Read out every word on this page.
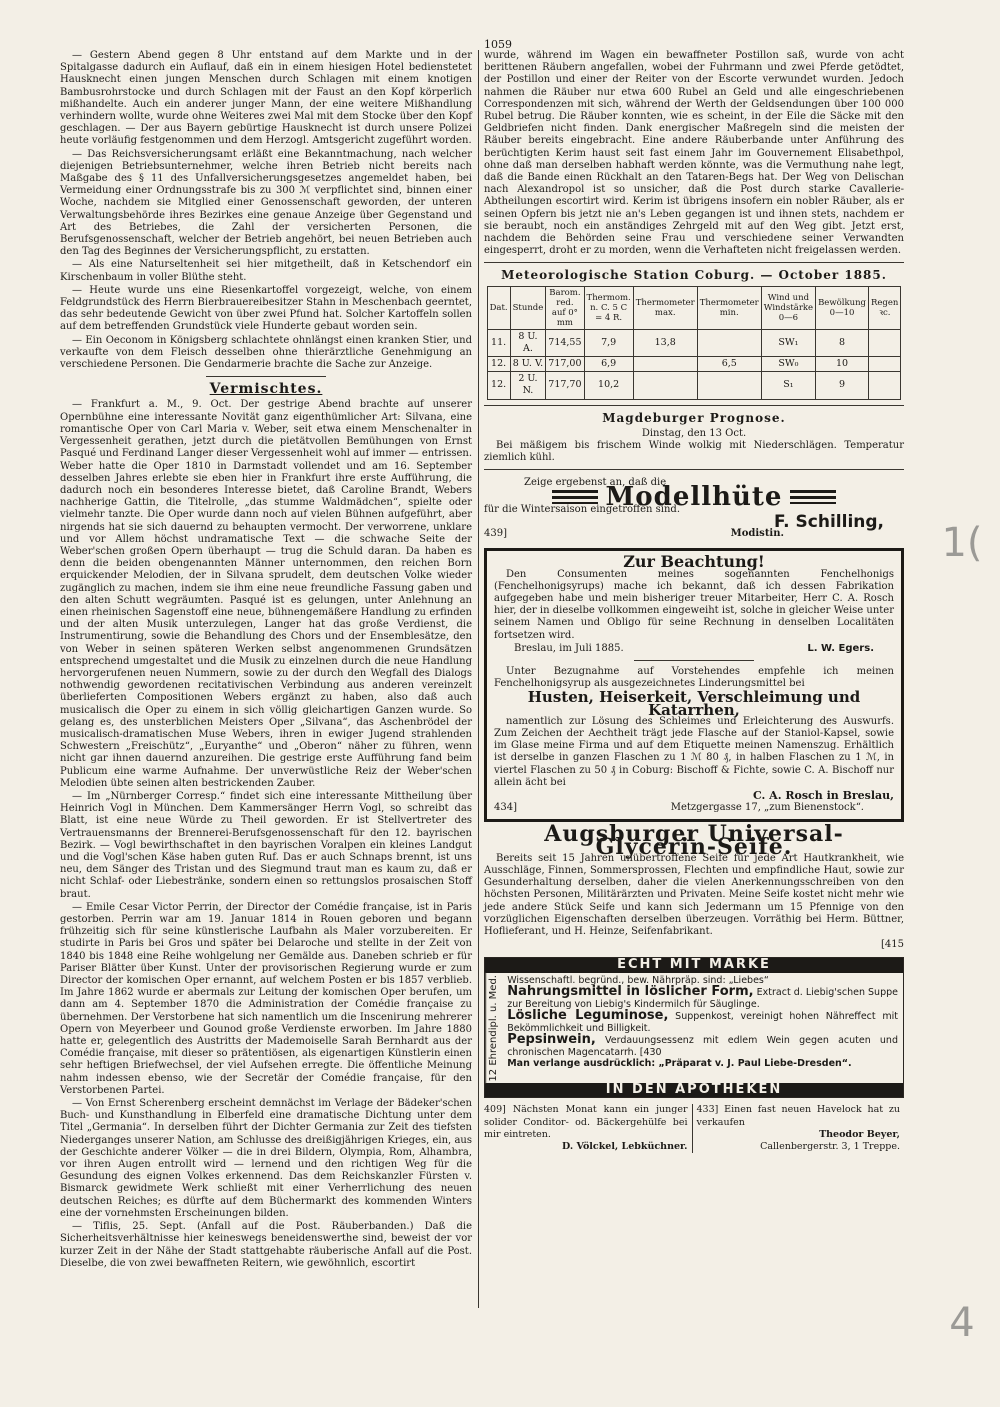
1059

— Gestern Abend gegen 8 Uhr entstand auf dem Markte und in der Spitalgasse dadurch ein Auflauf, daß ein in einem hiesigen Hotel bedienstetet Hausknecht einen jungen Menschen durch Schlagen mit einem knotigen Bambusrohrstocke und durch Schlagen mit der Faust an den Kopf körperlich mißhandelte. Auch ein anderer junger Mann, der eine weitere Mißhandlung verhindern wollte, wurde ohne Weiteres zwei Mal mit dem Stocke über den Kopf geschlagen. — Der aus Bayern gebürtige Hausknecht ist durch unsere Polizei heute vorläufig festgenommen und dem Herzogl. Amtsgericht zugeführt worden.

— Das Reichsversicherungsamt erläßt eine Bekanntmachung, nach welcher diejenigen Betriebsunternehmer, welche ihren Betrieb nicht bereits nach Maßgabe des § 11 des Unfallversicherungsgesetzes angemeldet haben, bei Vermeidung einer Ordnungsstrafe bis zu 300 ℳ verpflichtet sind, binnen einer Woche, nachdem sie Mitglied einer Genossenschaft geworden, der unteren Verwaltungsbehörde ihres Bezirkes eine genaue Anzeige über Gegenstand und Art des Betriebes, die Zahl der versicherten Personen, die Berufsgenossenschaft, welcher der Betrieb angehört, bei neuen Betrieben auch den Tag des Beginnes der Versicherungspflicht, zu erstatten.

— Als eine Naturseltenheit sei hier mitgetheilt, daß in Ketschendorf ein Kirschenbaum in voller Blüthe steht.

— Heute wurde uns eine Riesenkartoffel vorgezeigt, welche, von einem Feldgrundstück des Herrn Bierbrauereibesitzer Stahn in Meschenbach geerntet, das sehr bedeutende Gewicht von über zwei Pfund hat. Solcher Kartoffeln sollen auf dem betreffenden Grundstück viele Hunderte gebaut worden sein.

— Ein Oeconom in Königsberg schlachtete ohnlängst einen kranken Stier, und verkaufte von dem Fleisch desselben ohne thierärztliche Genehmigung an verschiedene Personen. Die Gendarmerie brachte die Sache zur Anzeige.

Vermischtes.

— Frankfurt a. M., 9. Oct. Der gestrige Abend brachte auf unserer Opernbühne eine interessante Novität ganz eigenthümlicher Art: Silvana, eine romantische Oper von Carl Maria v. Weber, seit etwa einem Menschenalter in Vergessenheit gerathen, jetzt durch die pietätvollen Bemühungen von Ernst Pasqué und Ferdinand Langer dieser Vergessenheit wohl auf immer — entrissen. Weber hatte die Oper 1810 in Darmstadt vollendet und am 16. September desselben Jahres erlebte sie eben hier in Frankfurt ihre erste Aufführung, die dadurch noch ein besonderes Interesse bietet, daß Caroline Brandt, Webers nachherige Gattin, die Titelrolle, „das stumme Waldmädchen“, spielte oder vielmehr tanzte. Die Oper wurde dann noch auf vielen Bühnen aufgeführt, aber nirgends hat sie sich dauernd zu behaupten vermocht. Der verworrene, unklare und vor Allem höchst undramatische Text — die schwache Seite der Weber'schen großen Opern überhaupt — trug die Schuld daran. Da haben es denn die beiden obengenannten Männer unternommen, den reichen Born erquickender Melodien, der in Silvana sprudelt, dem deutschen Volke wieder zugänglich zu machen, indem sie ihm eine neue freundliche Fassung gaben und den alten Schutt wegräumten. Pasqué ist es gelungen, unter Anlehnung an einen rheinischen Sagenstoff eine neue, bühnengemäßere Handlung zu erfinden und der alten Musik unterzulegen, Langer hat das große Verdienst, die Instrumentirung, sowie die Behandlung des Chors und der Ensemblesätze, den von Weber in seinen späteren Werken selbst angenommenen Grundsätzen entsprechend umgestaltet und die Musik zu einzelnen durch die neue Handlung hervorgerufenen neuen Nummern, sowie zu der durch den Wegfall des Dialogs nothwendig gewordenen recitativischen Verbindung aus anderen vereinzelt überlieferten Compositionen Webers ergänzt zu haben, also daß auch musicalisch die Oper zu einem in sich völlig gleichartigen Ganzen wurde. So gelang es, des unsterblichen Meisters Oper „Silvana“, das Aschenbrödel der musicalisch-dramatischen Muse Webers, ihren in ewiger Jugend strahlenden Schwestern „Freischütz“, „Euryanthe“ und „Oberon“ näher zu führen, wenn nicht gar ihnen dauernd anzureihen. Die gestrige erste Aufführung fand beim Publicum eine warme Aufnahme. Der unverwüstliche Reiz der Weber'schen Melodien übte seinen alten bestrickenden Zauber.

— Im „Nürnberger Corresp.“ findet sich eine interessante Mittheilung über Heinrich Vogl in München. Dem Kammersänger Herrn Vogl, so schreibt das Blatt, ist eine neue Würde zu Theil geworden. Er ist Stellvertreter des Vertrauensmanns der Brennerei-Berufsgenossenschaft für den 12. bayrischen Bezirk. — Vogl bewirthschaftet in den bayrischen Voralpen ein kleines Landgut und die Vogl'schen Käse haben guten Ruf. Das er auch Schnaps brennt, ist uns neu, dem Sänger des Tristan und des Siegmund traut man es kaum zu, daß er nicht Schlaf- oder Liebestränke, sondern einen so rettungslos prosaischen Stoff braut.

— Emile Cesar Victor Perrin, der Director der Comédie française, ist in Paris gestorben. Perrin war am 19. Januar 1814 in Rouen geboren und begann frühzeitig sich für seine künstlerische Laufbahn als Maler vorzubereiten. Er studirte in Paris bei Gros und später bei Delaroche und stellte in der Zeit von 1840 bis 1848 eine Reihe wohlgelung ner Gemälde aus. Daneben schrieb er für Pariser Blätter über Kunst. Unter der provisorischen Regierung wurde er zum Director der komischen Oper ernannt, auf welchem Posten er bis 1857 verblieb. Im Jahre 1862 wurde er abermals zur Leitung der komischen Oper berufen, um dann am 4. September 1870 die Administration der Comédie française zu übernehmen. Der Verstorbene hat sich namentlich um die Inscenirung mehrerer Opern von Meyerbeer und Gounod große Verdienste erworben. Im Jahre 1880 hatte er, gelegentlich des Austritts der Mademoiselle Sarah Bernhardt aus der Comédie française, mit dieser so prätentiösen, als eigenartigen Künstlerin einen sehr heftigen Briefwechsel, der viel Aufsehen erregte. Die öffentliche Meinung nahm indessen ebenso, wie der Secretär der Comédie française, für den Verstorbenen Partei.

— Von Ernst Scherenberg erscheint demnächst im Verlage der Bädeker'schen Buch- und Kunsthandlung in Elberfeld eine dramatische Dichtung unter dem Titel „Germania“. In derselben führt der Dichter Germania zur Zeit des tiefsten Niederganges unserer Nation, am Schlusse des dreißigjährigen Krieges, ein, aus der Geschichte anderer Völker — die in drei Bildern, Olympia, Rom, Alhambra, vor ihren Augen entrollt wird — lernend und den richtigen Weg für die Gesundung des eignen Volkes erkennend. Das dem Reichskanzler Fürsten v. Bismarck gewidmete Werk schließt mit einer Verherrlichung des neuen deutschen Reiches; es dürfte auf dem Büchermarkt des kommenden Winters eine der vornehmsten Erscheinungen bilden.

— Tiflis, 25. Sept. (Anfall auf die Post. Räuberbanden.) Daß die Sicherheitsverhältnisse hier keineswegs beneidenswerthe sind, beweist der vor kurzer Zeit in der Nähe der Stadt stattgehabte räuberische Anfall auf die Post. Dieselbe, die von zwei bewaffneten Reitern, wie gewöhnlich, escortirt

wurde, während im Wagen ein bewaffneter Postillon saß, wurde von acht berittenen Räubern angefallen, wobei der Fuhrmann und zwei Pferde getödtet, der Postillon und einer der Reiter von der Escorte verwundet wurden. Jedoch nahmen die Räuber nur etwa 600 Rubel an Geld und alle eingeschriebenen Correspondenzen mit sich, während der Werth der Geldsendungen über 100 000 Rubel betrug. Die Räuber konnten, wie es scheint, in der Eile die Säcke mit den Geldbriefen nicht finden. Dank energischer Maßregeln sind die meisten der Räuber bereits eingebracht. Eine andere Räuberbande unter Anführung des berüchtigten Kerim haust seit fast einem Jahr im Gouvernement Elisabethpol, ohne daß man derselben habhaft werden könnte, was die Vermuthung nahe legt, daß die Bande einen Rückhalt an den Tataren-Begs hat. Der Weg von Delischan nach Alexandropol ist so unsicher, daß die Post durch starke Cavallerie-Abtheilungen escortirt wird. Kerim ist übrigens insofern ein nobler Räuber, als er seinen Opfern bis jetzt nie an's Leben gegangen ist und ihnen stets, nachdem er sie beraubt, noch ein anständiges Zehrgeld mit auf den Weg gibt. Jetzt erst, nachdem die Behörden seine Frau und verschiedene seiner Verwandten eingesperrt, droht er zu morden, wenn die Verhafteten nicht freigelassen werden.

Meteorologische Station Coburg. — October 1885.
Dat.	Stunde	Barom. red. auf 0° mm	Thermom. n. C. 5 C = 4 R.	Thermometer max.	Thermometer min.	Wind und Windstärke 0—6	Bewölkung 0—10	Regen ꝛc.
11.	8 U. A.	714,55	7,9	13,8		SW₁	8	
12.	8 U. V.	717,00	6,9		6,5	SW₀	10	
12.	2 U. N.	717,70	10,2			S₁	9	
Magdeburger Prognose.
Dinstag, den 13 Oct.

Bei mäßigem bis frischem Winde wolkig mit Niederschlägen. Temperatur ziemlich kühl.

Zeige ergebenst an, daß die
Modellhüte
für die Wintersaison eingetroffen sind.
F. Schilling,
439]	Modistin.
Zur Beachtung!

Den Consumenten meines sogenannten Fenchelhonigs (Fenchelhonigsyrups) mache ich bekannt, daß ich dessen Fabrikation aufgegeben habe und mein bisheriger treuer Mitarbeiter, Herr C. A. Rosch hier, der in dieselbe vollkommen eingeweiht ist, solche in gleicher Weise unter seinem Namen und Obligo für seine Rechnung in denselben Localitäten fortsetzen wird.

Breslau, im Juli 1885.	L. W. Egers.

Unter Bezugnahme auf Vorstehendes empfehle ich meinen Fenchelhonigsyrup als ausgezeichnetes Linderungsmittel bei

Husten, Heiserkeit, Verschleimung und Katarrhen,

namentlich zur Lösung des Schleimes und Erleichterung des Auswurfs. Zum Zeichen der Aechtheit trägt jede Flasche auf der Staniol-Kapsel, sowie im Glase meine Firma und auf dem Etiquette meinen Namenszug. Erhältlich ist derselbe in ganzen Flaschen zu 1 ℳ 80 ₰, in halben Flaschen zu 1 ℳ, in viertel Flaschen zu 50 ₰ in Coburg: Bischoff & Fichte, sowie C. A. Bischoff nur allein ächt bei

C. A. Rosch in Breslau,
434]	Metzgergasse 17, „zum Bienenstock“.
Augsburger Universal-Glycerin-Seife.

Bereits seit 15 Jahren unübertroffene Seife für jede Art Hautkrankheit, wie Ausschläge, Finnen, Sommersprossen, Flechten und empfindliche Haut, sowie zur Gesunderhaltung derselben, daher die vielen Anerkennungsschreiben von den höchsten Personen, Militärärzten und Privaten. Meine Seife kostet nicht mehr wie jede andere Stück Seife und kann sich Jedermann um 15 Pfennige von den vorzüglichen Eigenschaften derselben überzeugen. Vorräthig bei Herm. Büttner, Hoflieferant, und H. Heinze, Seifenfabrikant.

[415
ECHT MIT MARKE
12 Ehrendipl. u. Med. Wissenschaftl. begründ., bew. Nährpräp. sind: „Liebes“
Nahrungsmittel in löslicher Form, Extract d. Liebig'schen Suppe zur Bereitung von Liebig's Kindermilch für Säuglinge.
Lösliche Leguminose, Suppenkost, vereinigt hohen Nähreffect mit Bekömmlichkeit und Billigkeit.
Pepsinwein, Verdauungsessenz mit edlem Wein gegen acuten und chronischen Magencatarrh. [430
Man verlange ausdrücklich: „Präparat v. J. Paul Liebe-Dresden“.
IN DEN APOTHEKEN
409] Nächsten Monat kann ein junger solider Conditor- od. Bäckergehülfe bei mir eintreten.
D. Völckel, Lebküchner.
433] Einen fast neuen Havelock hat zu verkaufen
Theodor Beyer,
Callenbergerstr. 3, 1 Treppe.
1(
4
